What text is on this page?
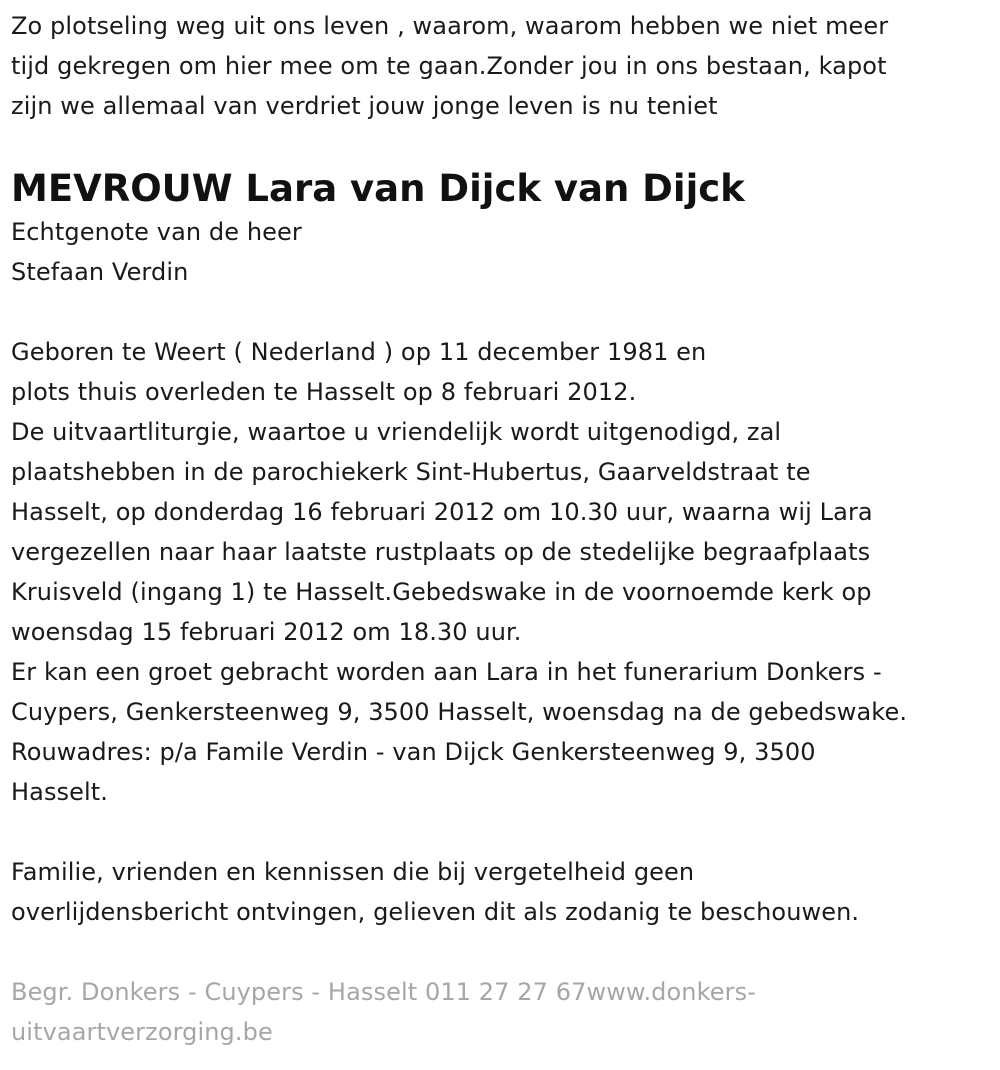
Zo plotseling weg uit ons leven , waarom, waarom hebben we niet meer
tijd gekregen om hier mee om te gaan.Zonder jou in ons bestaan, kapot
zijn we allemaal van verdriet jouw jonge leven is nu teniet

MEVROUW Lara van Dijck van Dijck

Echtgenote van de heer

Stefaan Verdin

Geboren te Weert ( Nederland ) op 11 december 1981 en
plots thuis overleden te Hasselt op 8 februari 2012.
De uitvaartliturgie, waartoe u vriendelijk wordt uitgenodigd, zal
plaatshebben in de parochiekerk Sint-Hubertus, Gaarveldstraat te
Hasselt, op donderdag 16 februari 2012 om 10.30 uur, waarna wij Lara
vergezellen naar haar laatste rustplaats op de stedelijke begraafplaats
Kruisveld (ingang 1) te Hasselt.Gebedswake in de voornoemde kerk op
woensdag 15 februari 2012 om 18.30 uur.
Er kan een groet gebracht worden aan Lara in het funerarium Donkers -
Cuypers, Genkersteenweg 9, 3500 Hasselt, woensdag na de gebedswake.
Rouwadres: p/a Famile Verdin - van Dijck Genkersteenweg 9, 3500
Hasselt.

Familie, vrienden en kennissen die bij vergetelheid geen
overlijdensbericht ontvingen, gelieven dit als zodanig te beschouwen.

Begr. Donkers - Cuypers - Hasselt 011 27 27 67www.donkers-
uitvaartverzorging.be
